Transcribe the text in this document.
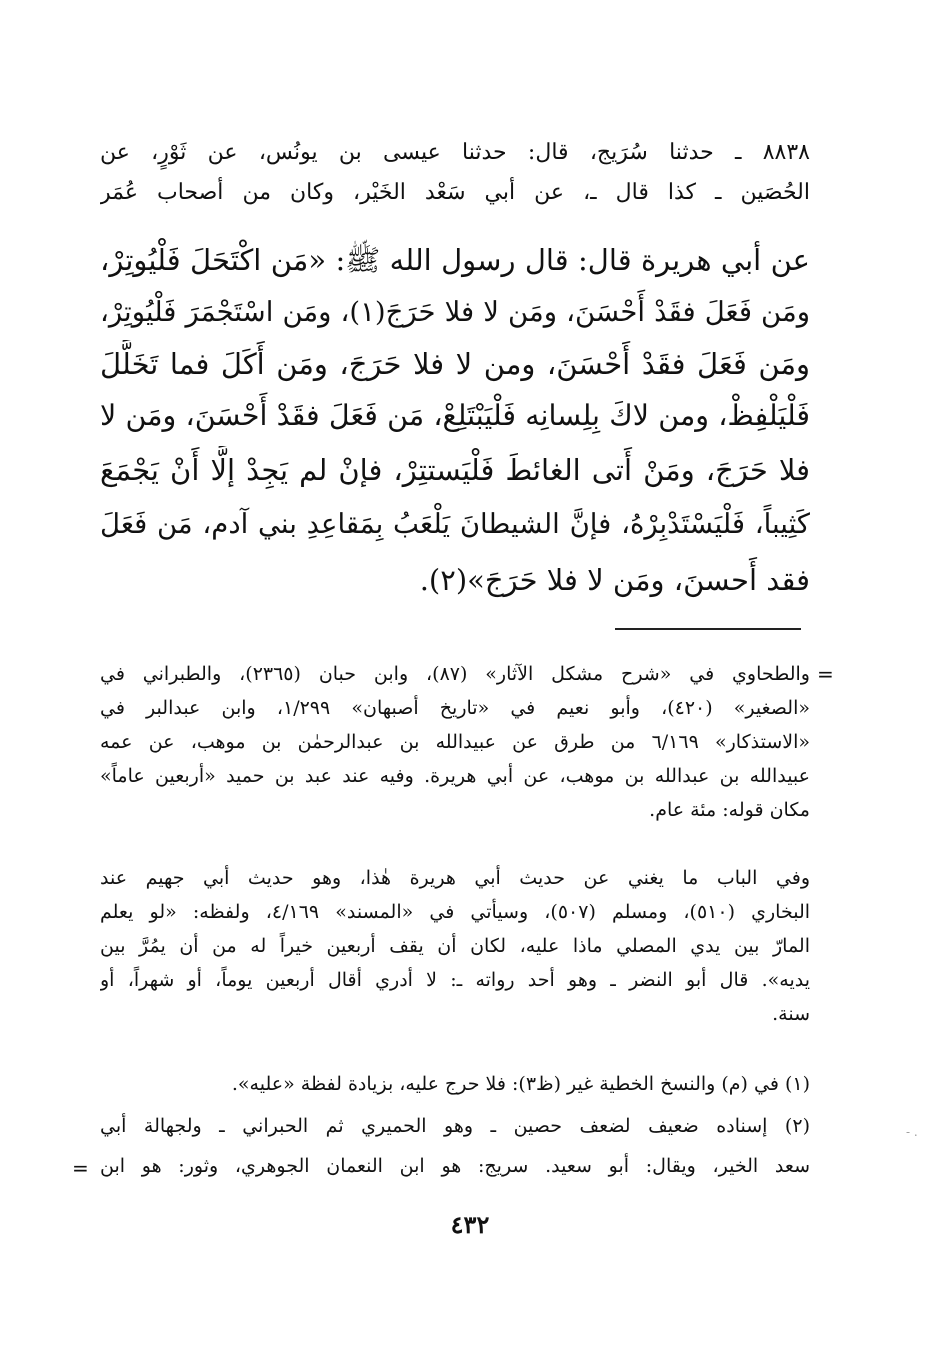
٨٨٣٨ ـ حدثنا سُرَيج، قال: حدثنا عيسى بن يونُس، عن ثَوْرٍ، عن
الحُصَين ـ كذا قال ـ، عن أبي سَعْد الخَيْر، وكان من أصحاب عُمَر
عن أبي هريرة قال: قال رسول الله ﷺ: «مَن اكْتَحَلَ فَلْيُوتِرْ،
ومَن فَعَلَ فقَدْ أَحْسَنَ، ومَن لا فلا حَرَجَ(١)، ومَن اسْتَجْمَرَ فَلْيُوتِرْ،
ومَن فَعَلَ فقَدْ أَحْسَنَ، ومن لا فلا حَرَجَ، ومَن أَكَلَ فما تَخَلَّلَ
فَلْيَلْفِظْ، ومن لاكَ بِلِسانِه فَلْيَبْتَلِعْ، مَن فَعَلَ فقَدْ أَحْسَنَ، ومَن لا
فلا حَرَجَ، ومَنْ أَتى الغائطَ فَلْيَستتِرْ، فإنْ لم يَجِدْ إلَّا أَنْ يَجْمَعَ
كَثِيباً، فَلْيَسْتَدْبِرْهُ، فإنَّ الشيطانَ يَلْعَبُ بِمَقاعِدِ بني آدم، مَن فَعَلَ
فقد أَحسنَ، ومَن لا فلا حَرَجَ»(٢).
=
والطحاوي في «شرح مشكل الآثار» (٨٧)، وابن حبان (٢٣٦٥)، والطبراني في
«الصغير» (٤٢٠)، وأبو نعيم في «تاريخ أصبهان» ١/٢٩٩، وابن عبدالبر في
«الاستذكار» ٦/١٦٩ من طرق عن عبيدالله بن عبدالرحمٰن بن موهب، عن عمه
عبيدالله بن عبدالله بن موهب، عن أبي هريرة. وفيه عند عبد بن حميد «أربعين عاماً»
مكان قوله: مئة عام.
وفي الباب ما يغني عن حديث أبي هريرة هٰذا، وهو حديث أبي جهيم عند
البخاري (٥١٠)، ومسلم (٥٠٧)، وسيأتي في «المسند» ٤/١٦٩، ولفظه: «لو يعلم
المارّ بين يدي المصلي ماذا عليه، لكان أن يقف أربعين خيراً له من أن يمُرَّ بين
يديه». قال أبو النضر ـ وهو أحد رواته ـ: لا أدري أقال أربعين يوماً، أو شهراً، أو
سنة.
(١) في (م) والنسخ الخطية غير (ظ٣): فلا حرج عليه، بزيادة لفظة «عليه».
(٢) إسناده ضعيف لضعف حصين ـ وهو الحميري ثم الحبراني ـ ولجهالة أبي
سعد الخير، ويقال: أبو سعيد. سريج: هو ابن النعمان الجوهري، وثور: هو ابن
=
- .
٤٣٢
